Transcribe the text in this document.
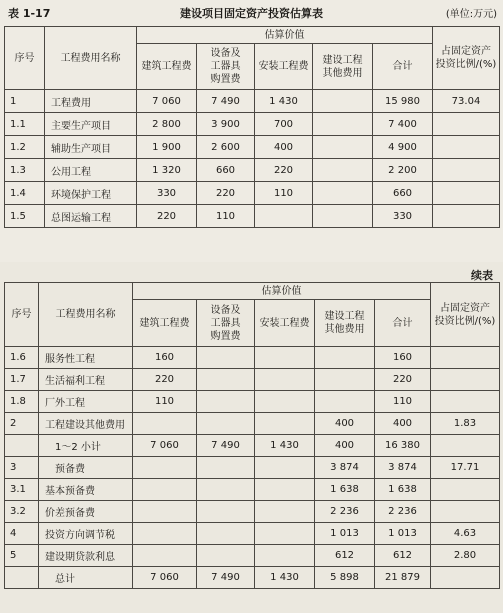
表 1-17	建设项目固定资产投资估算表	(单位:万元)
序号	工程费用名称	估算价值					占固定资产
投资比例/(%)
		建筑工程费	设备及
工器具
购置费	安装工程费	建设工程
其他费用	合计	
1	工程费用	7 060	7 490	1 430		15 980	73.04
1.1	主要生产项目	2 800	3 900	700		7 400	
1.2	辅助生产项目	1 900	2 600	400		4 900	
1.3	公用工程	1 320	660	220		2 200	
1.4	环境保护工程	330	220	110		660	
1.5	总图运输工程	220	110			330	
续表
序号	工程费用名称	估算价值					占固定资产
投资比例/(%)
		建筑工程费	设备及
工器具
购置费	安装工程费	建设工程
其他费用	合计	
1.6	服务性工程	160				160	
1.7	生活福利工程	220				220	
1.8	厂外工程	110				110	
2	工程建设其他费用				400	400	1.83
	1～2 小计	7 060	7 490	1 430	400	16 380	
3	预备费				3 874	3 874	17.71
3.1	基本预备费				1 638	1 638	
3.2	价差预备费				2 236	2 236	
4	投资方向调节税				1 013	1 013	4.63
5	建设期贷款利息				612	612	2.80
	总计	7 060	7 490	1 430	5 898	21 879	
